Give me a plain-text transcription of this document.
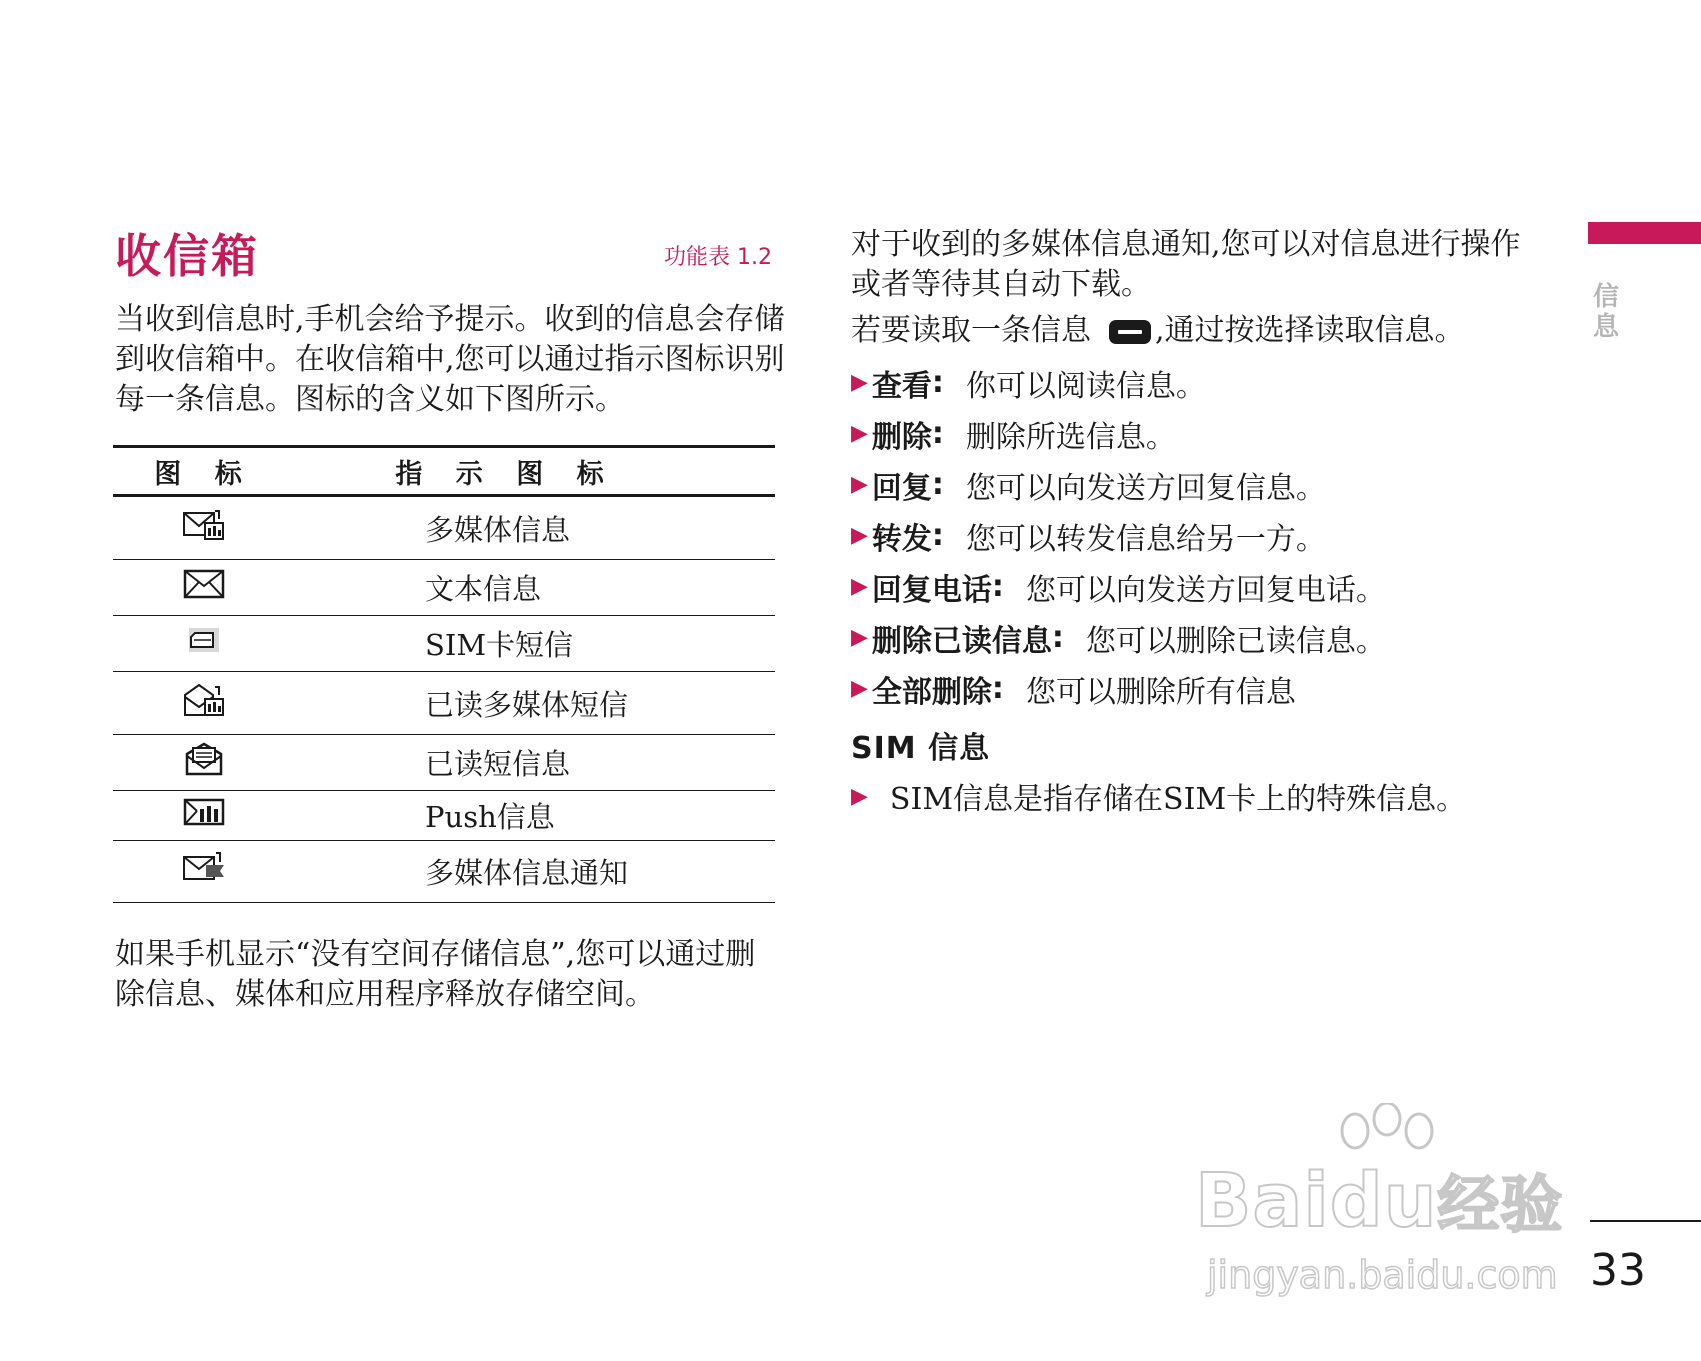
收信箱	功能表 1.2

当收到信息时,手机会给予提示。收到的信息会存储到收信箱中。在收信箱中,您可以通过指示图标识别每一条信息。图标的含义如下图所示。

图 标	指 示 图 标
	多媒体信息
	文本信息
	SIM卡短信
	已读多媒体短信
	已读短信息
	Push信息
	多媒体信息通知

如果手机显示“没有空间存储信息”,您可以通过删除信息、媒体和应用程序释放存储空间。

对于收到的多媒体信息通知,您可以对信息进行操作或者等待其自动下载。

若要读取一条信息 ,通过按选择读取信息。

▶ 查看 : 你可以阅读信息。
▶ 删除 : 删除所选信息。
▶ 回复 : 您可以向发送方回复信息。
▶ 转发 : 您可以转发信息给另一方。
▶ 回复电话 : 您可以向发送方回复电话。
▶ 删除已读信息 : 您可以删除已读信息。
▶ 全部删除 : 您可以删除所有信息
SIM 信息
▶ SIM信息是指存储在SIM卡上的特殊信息。
信息
Baidu经验
jingyan.baidu.com 33
